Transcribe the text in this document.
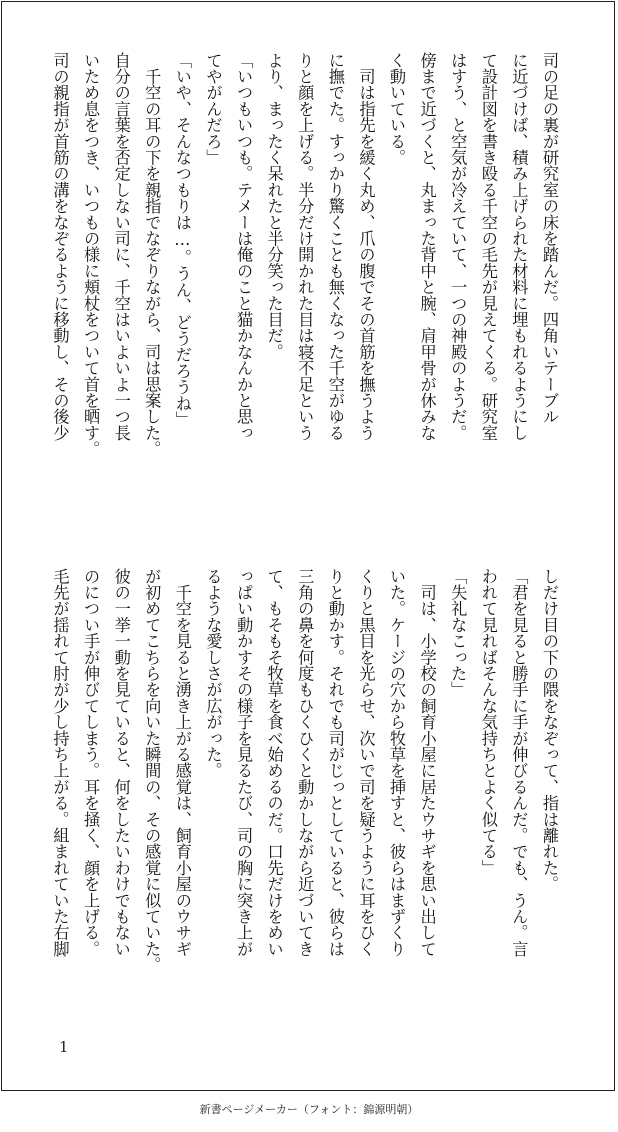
司の足の裏が研究室の床を踏んだ。四角いテーブル
に近づけば、積み上げられた材料に埋もれるようにし
て設計図を書き殴る千空の毛先が見えてくる。研究室
はすう、と空気が冷えていて、一つの神殿のようだ。
傍まで近づくと、丸まった背中と腕、肩甲骨が休みな
く動いている。
　司は指先を緩く丸め、爪の腹でその首筋を撫うよう
に撫でた。すっかり驚くことも無くなった千空がゆる
りと顔を上げる。半分だけ開かれた目は寝不足という
より、まったく呆れたと半分笑った目だ。
「いつもいつも。テメーは俺のこと猫かなんかと思っ
てやがんだろ」
「いや、そんなつもりは…。うん、どうだろうね」
　千空の耳の下を親指でなぞりながら、司は思案した。
自分の言葉を否定しない司に、千空はいよいよ一つ長
いため息をつき、いつもの様に頬杖をついて首を晒す。
司の親指が首筋の溝をなぞるように移動し、その後少
しだけ目の下の隈をなぞって、指は離れた。
「君を見ると勝手に手が伸びるんだ。でも、うん。言
われて見ればそんな気持ちとよく似てる」
「失礼なこった」
　司は、小学校の飼育小屋に居たウサギを思い出して
いた。ケージの穴から牧草を挿すと、彼らはまずくり
くりと黒目を光らせ、次いで司を疑うように耳をひく
りと動かす。それでも司がじっとしていると、彼らは
三角の鼻を何度もひくひくと動かしながら近づいてき
て、もそもそ牧草を食べ始めるのだ。口先だけをめい
っぱい動かすその様子を見るたび、司の胸に突き上が
るような愛しさが広がった。
　千空を見ると湧き上がる感覚は、飼育小屋のウサギ
が初めてこちらを向いた瞬間の、その感覚に似ていた。
彼の一挙一動を見ていると、何をしたいわけでもない
のについ手が伸びてしまう。耳を掻く、顔を上げる。
毛先が揺れて肘が少し持ち上がる。組まれていた右脚
1
新書ページメーカー（フォント：錦源明朝）
